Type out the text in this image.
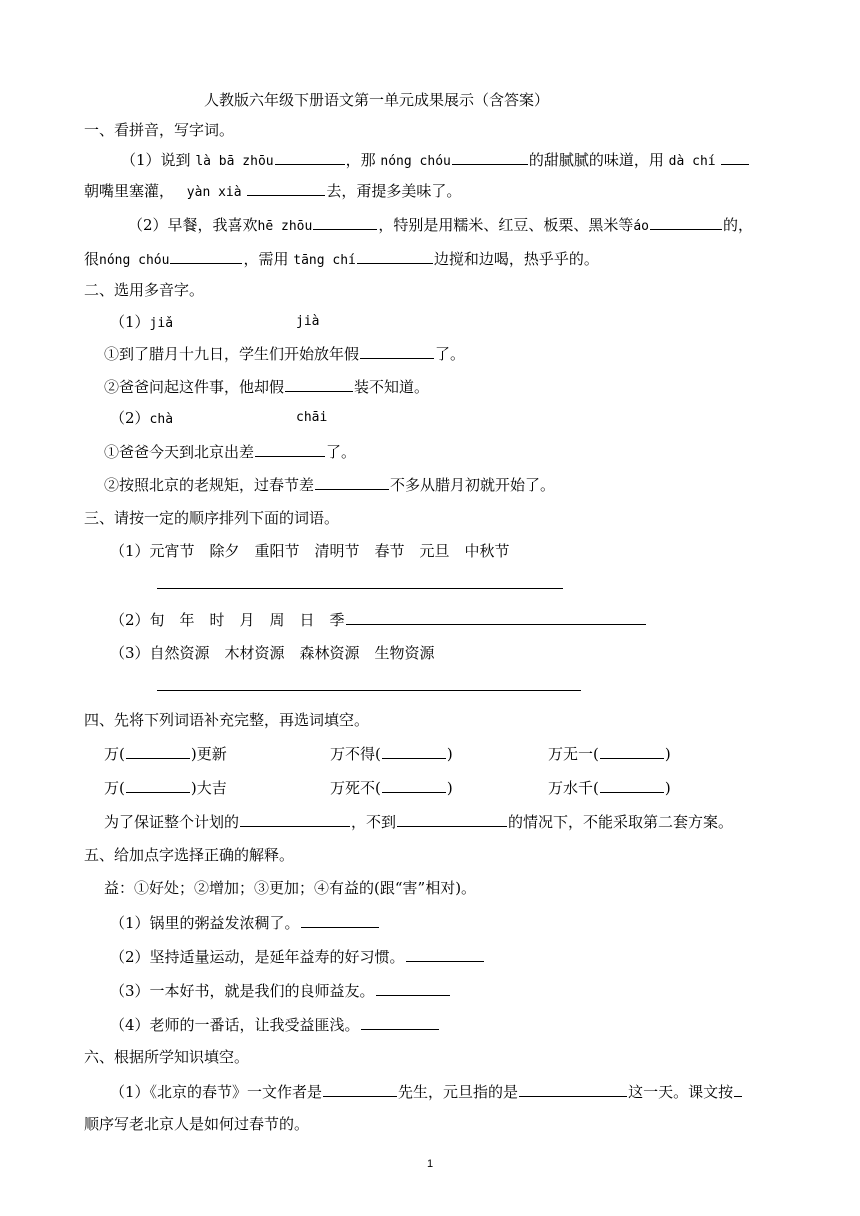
人教版六年级下册语文第一单元成果展示（含答案）
一、看拼音，写字词。
（1）说到 là bā zhōu	，那 nóng chóu	的甜腻腻的味道，用 dà chí
朝嘴里塞灌， yàn xià	去，甭提多美味了。
（2）早餐，我喜欢hē zhōu	，特别是用糯米、红豆、板栗、黑米等áo	的，
很nóng chóu	，需用 tāng chí	边搅和边喝，热乎乎的。
二、选用多音字。
（1）jiǎ	jià
①到了腊月十九日，学生们开始放年假	了。
②爸爸问起这件事，他却假	装不知道。
（2）chà	chāi
①爸爸今天到北京出差	了。
②按照北京的老规矩，过春节差	不多从腊月初就开始了。
三、请按一定的顺序排列下面的词语。
（1）元宵节　除夕　重阳节　清明节　春节　元旦　中秋节
（2）旬　年　时　月　周　日　季
（3）自然资源　木材资源　森林资源　生物资源
四、先将下列词语补充完整，再选词填空。
万(	)更新	万不得(	)	万无一(	)
万(	)大吉	万死不(	)	万水千(	)
为了保证整个计划的	，不到	的情况下，不能采取第二套方案。
五、给加点字选择正确的解释。
益：①好处；②增加；③更加；④有益的(跟“害”相对)。
（1）锅里的粥益发浓稠了。
（2）坚持适量运动，是延年益寿的好习惯。
（3）一本好书，就是我们的良师益友。
（4）老师的一番话，让我受益匪浅。
六、根据所学知识填空。
（1）《北京的春节》一文作者是	先生，元旦指的是	这一天。课文按
顺序写老北京人是如何过春节的。
1
